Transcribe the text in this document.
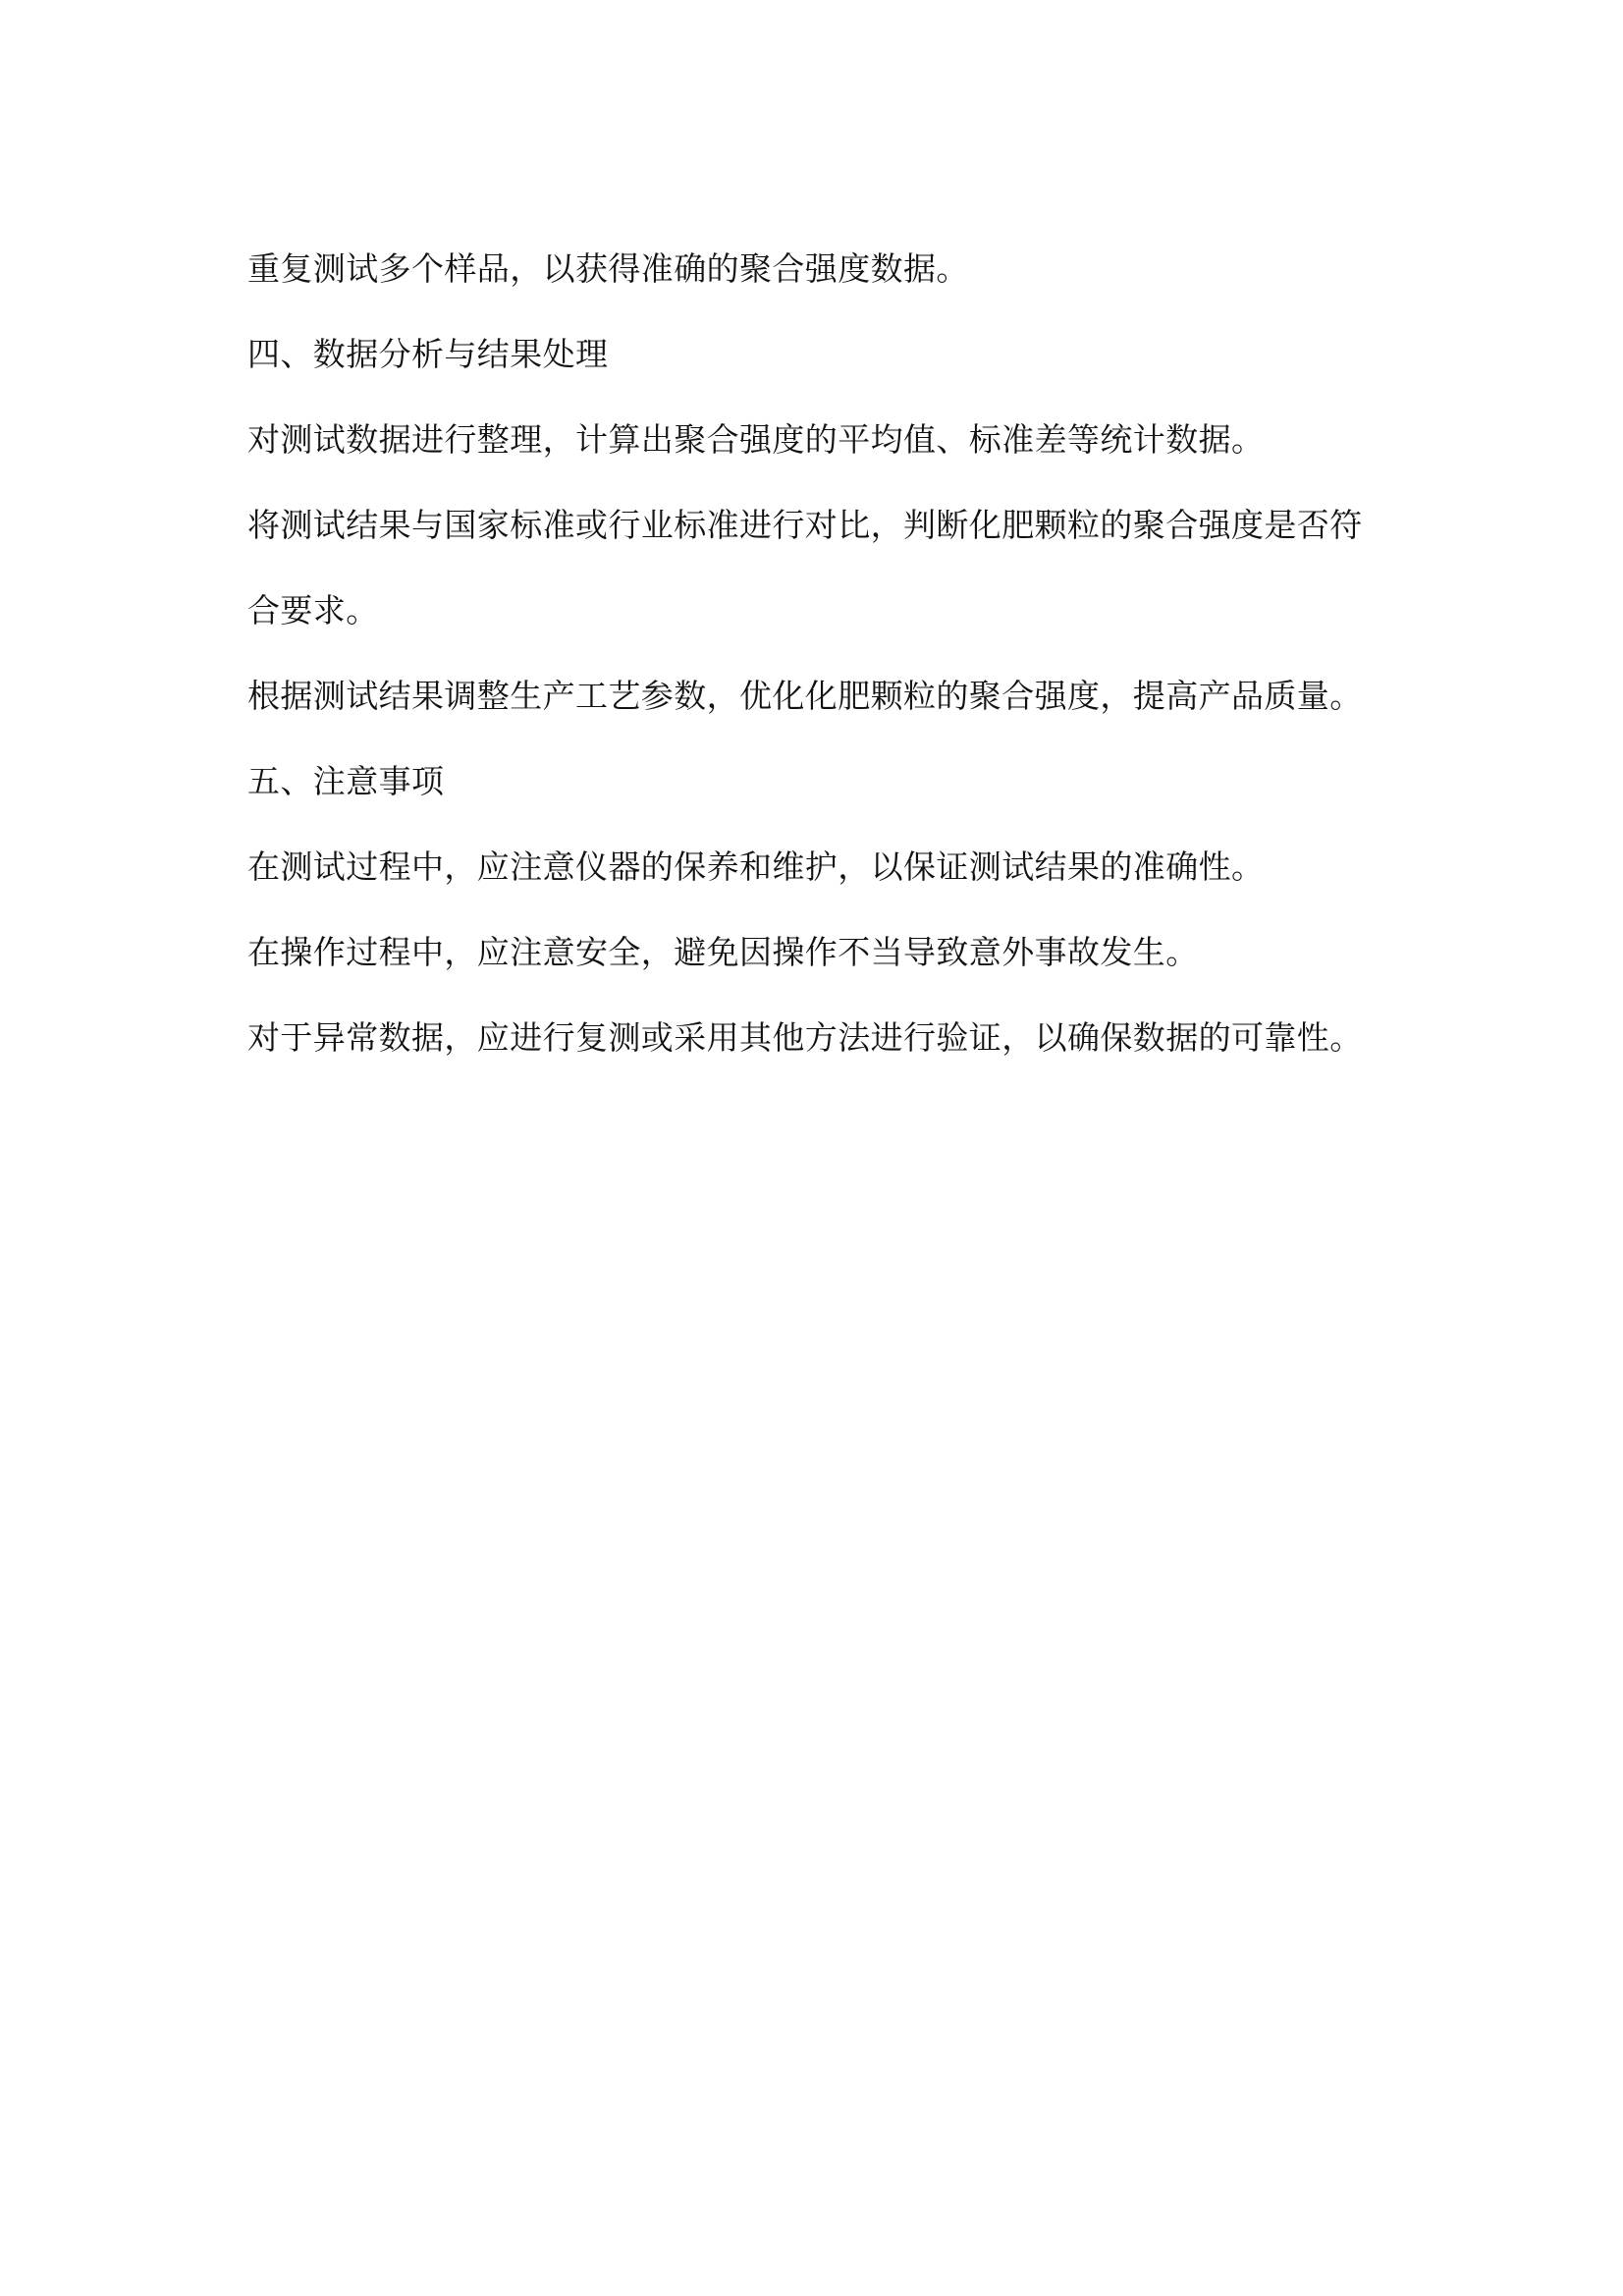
重复测试多个样品，以获得准确的聚合强度数据。

四、数据分析与结果处理

对测试数据进行整理，计算出聚合强度的平均值、标准差等统计数据。

将测试结果与国家标准或行业标准进行对比，判断化肥颗粒的聚合强度是否符

合要求。

根据测试结果调整生产工艺参数，优化化肥颗粒的聚合强度，提高产品质量。

五、注意事项

在测试过程中，应注意仪器的保养和维护，以保证测试结果的准确性。

在操作过程中，应注意安全，避免因操作不当导致意外事故发生。

对于异常数据，应进行复测或采用其他方法进行验证，以确保数据的可靠性。
